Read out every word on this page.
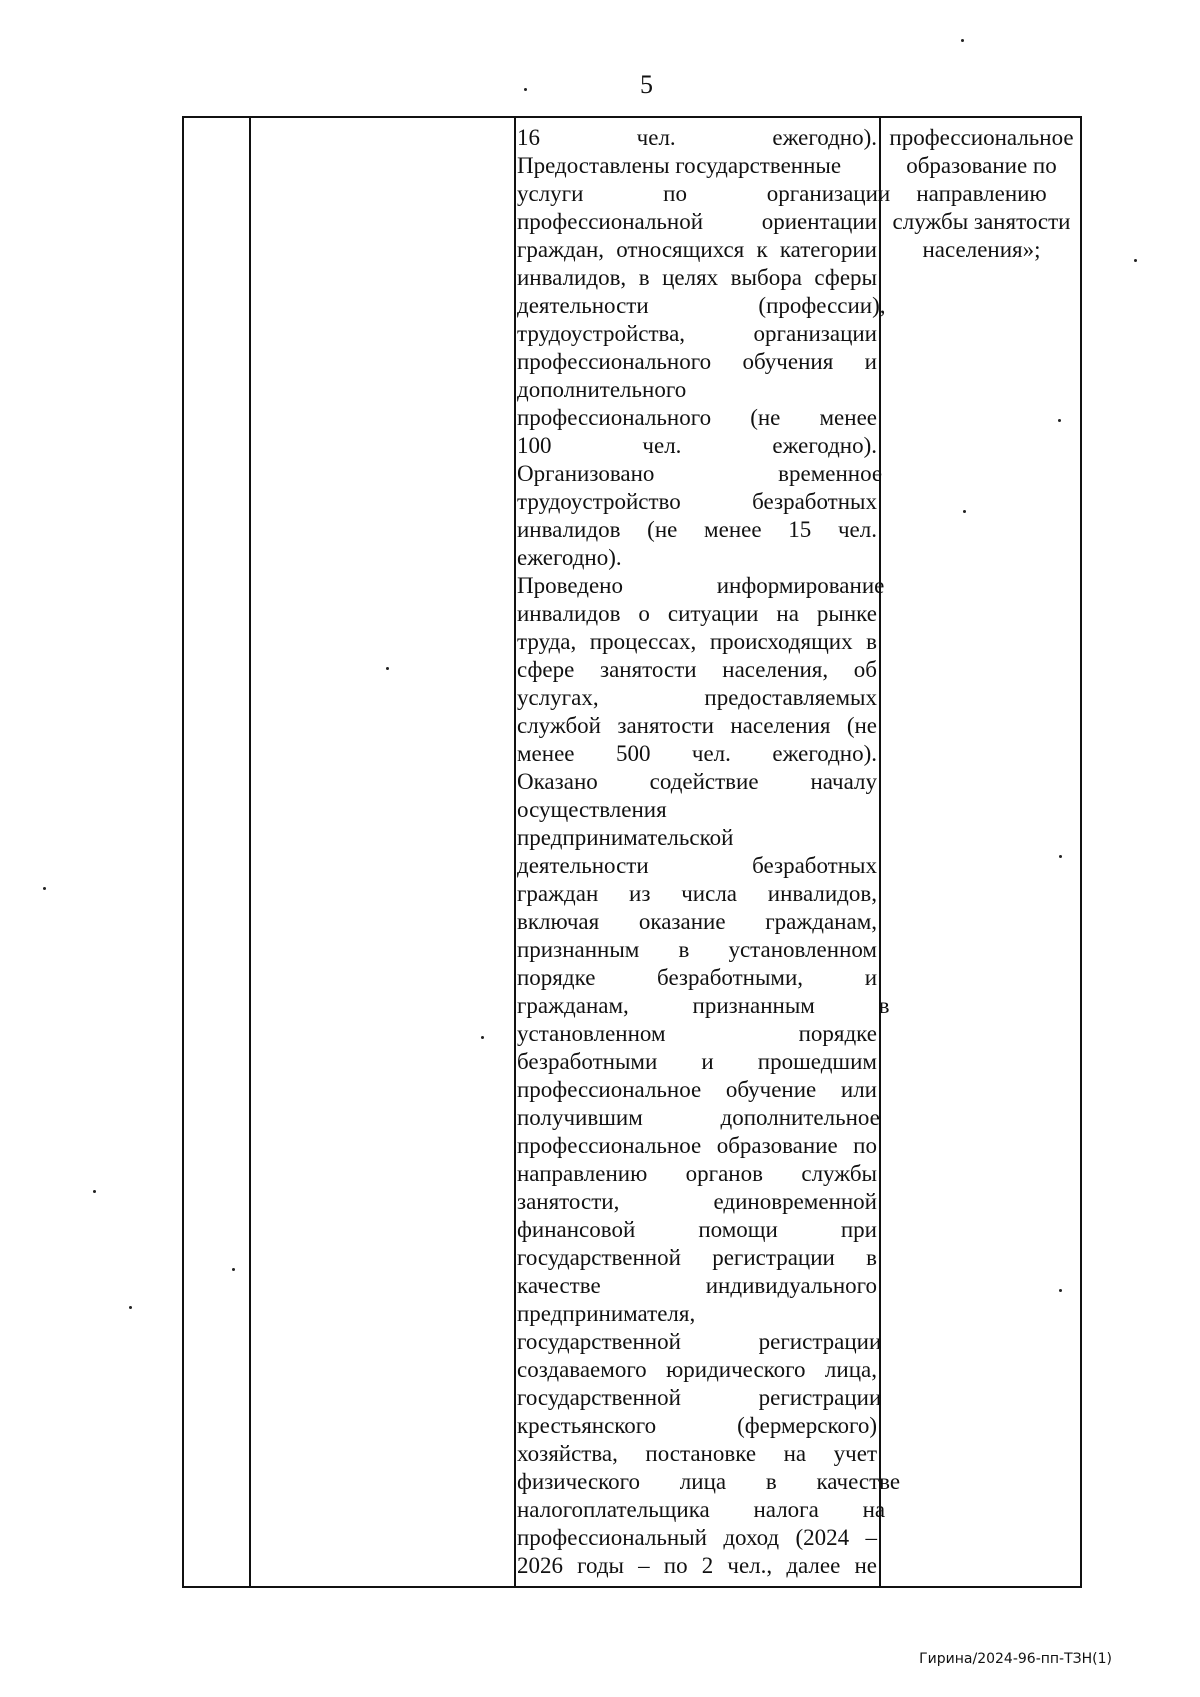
5
16 чел. ежегодно).
Предоставлены государственные
услуги по организации
профессиональной ориентации
граждан, относящихся к категории
инвалидов, в целях выбора сферы
деятельности (профессии),
трудоустройства, организации
профессионального обучения и
дополнительного
профессионального (не менее
100 чел. ежегодно).
Организовано временное
трудоустройство безработных
инвалидов (не менее 15 чел.
ежегодно).
Проведено информирование
инвалидов о ситуации на рынке
труда, процессах, происходящих в
сфере занятости населения, об
услугах, предоставляемых
службой занятости населения (не
менее 500 чел. ежегодно).
Оказано содействие началу
осуществления
предпринимательской
деятельности безработных
граждан из числа инвалидов,
включая оказание гражданам,
признанным в установленном
порядке безработными, и
гражданам, признанным в
установленном порядке
безработными и прошедшим
профессиональное обучение или
получившим дополнительное
профессиональное образование по
направлению органов службы
занятости, единовременной
финансовой помощи при
государственной регистрации в
качестве индивидуального
предпринимателя,
государственной регистрации
создаваемого юридического лица,
государственной регистрации
крестьянского (фермерского)
хозяйства, постановке на учет
физического лица в качестве
налогоплательщика налога на
профессиональный доход (2024 –
2026 годы – по 2 чел., далее не
профессиональное
образование по
направлению
службы занятости
населения»;
Гирина/2024-96-пп-ТЗН(1)
